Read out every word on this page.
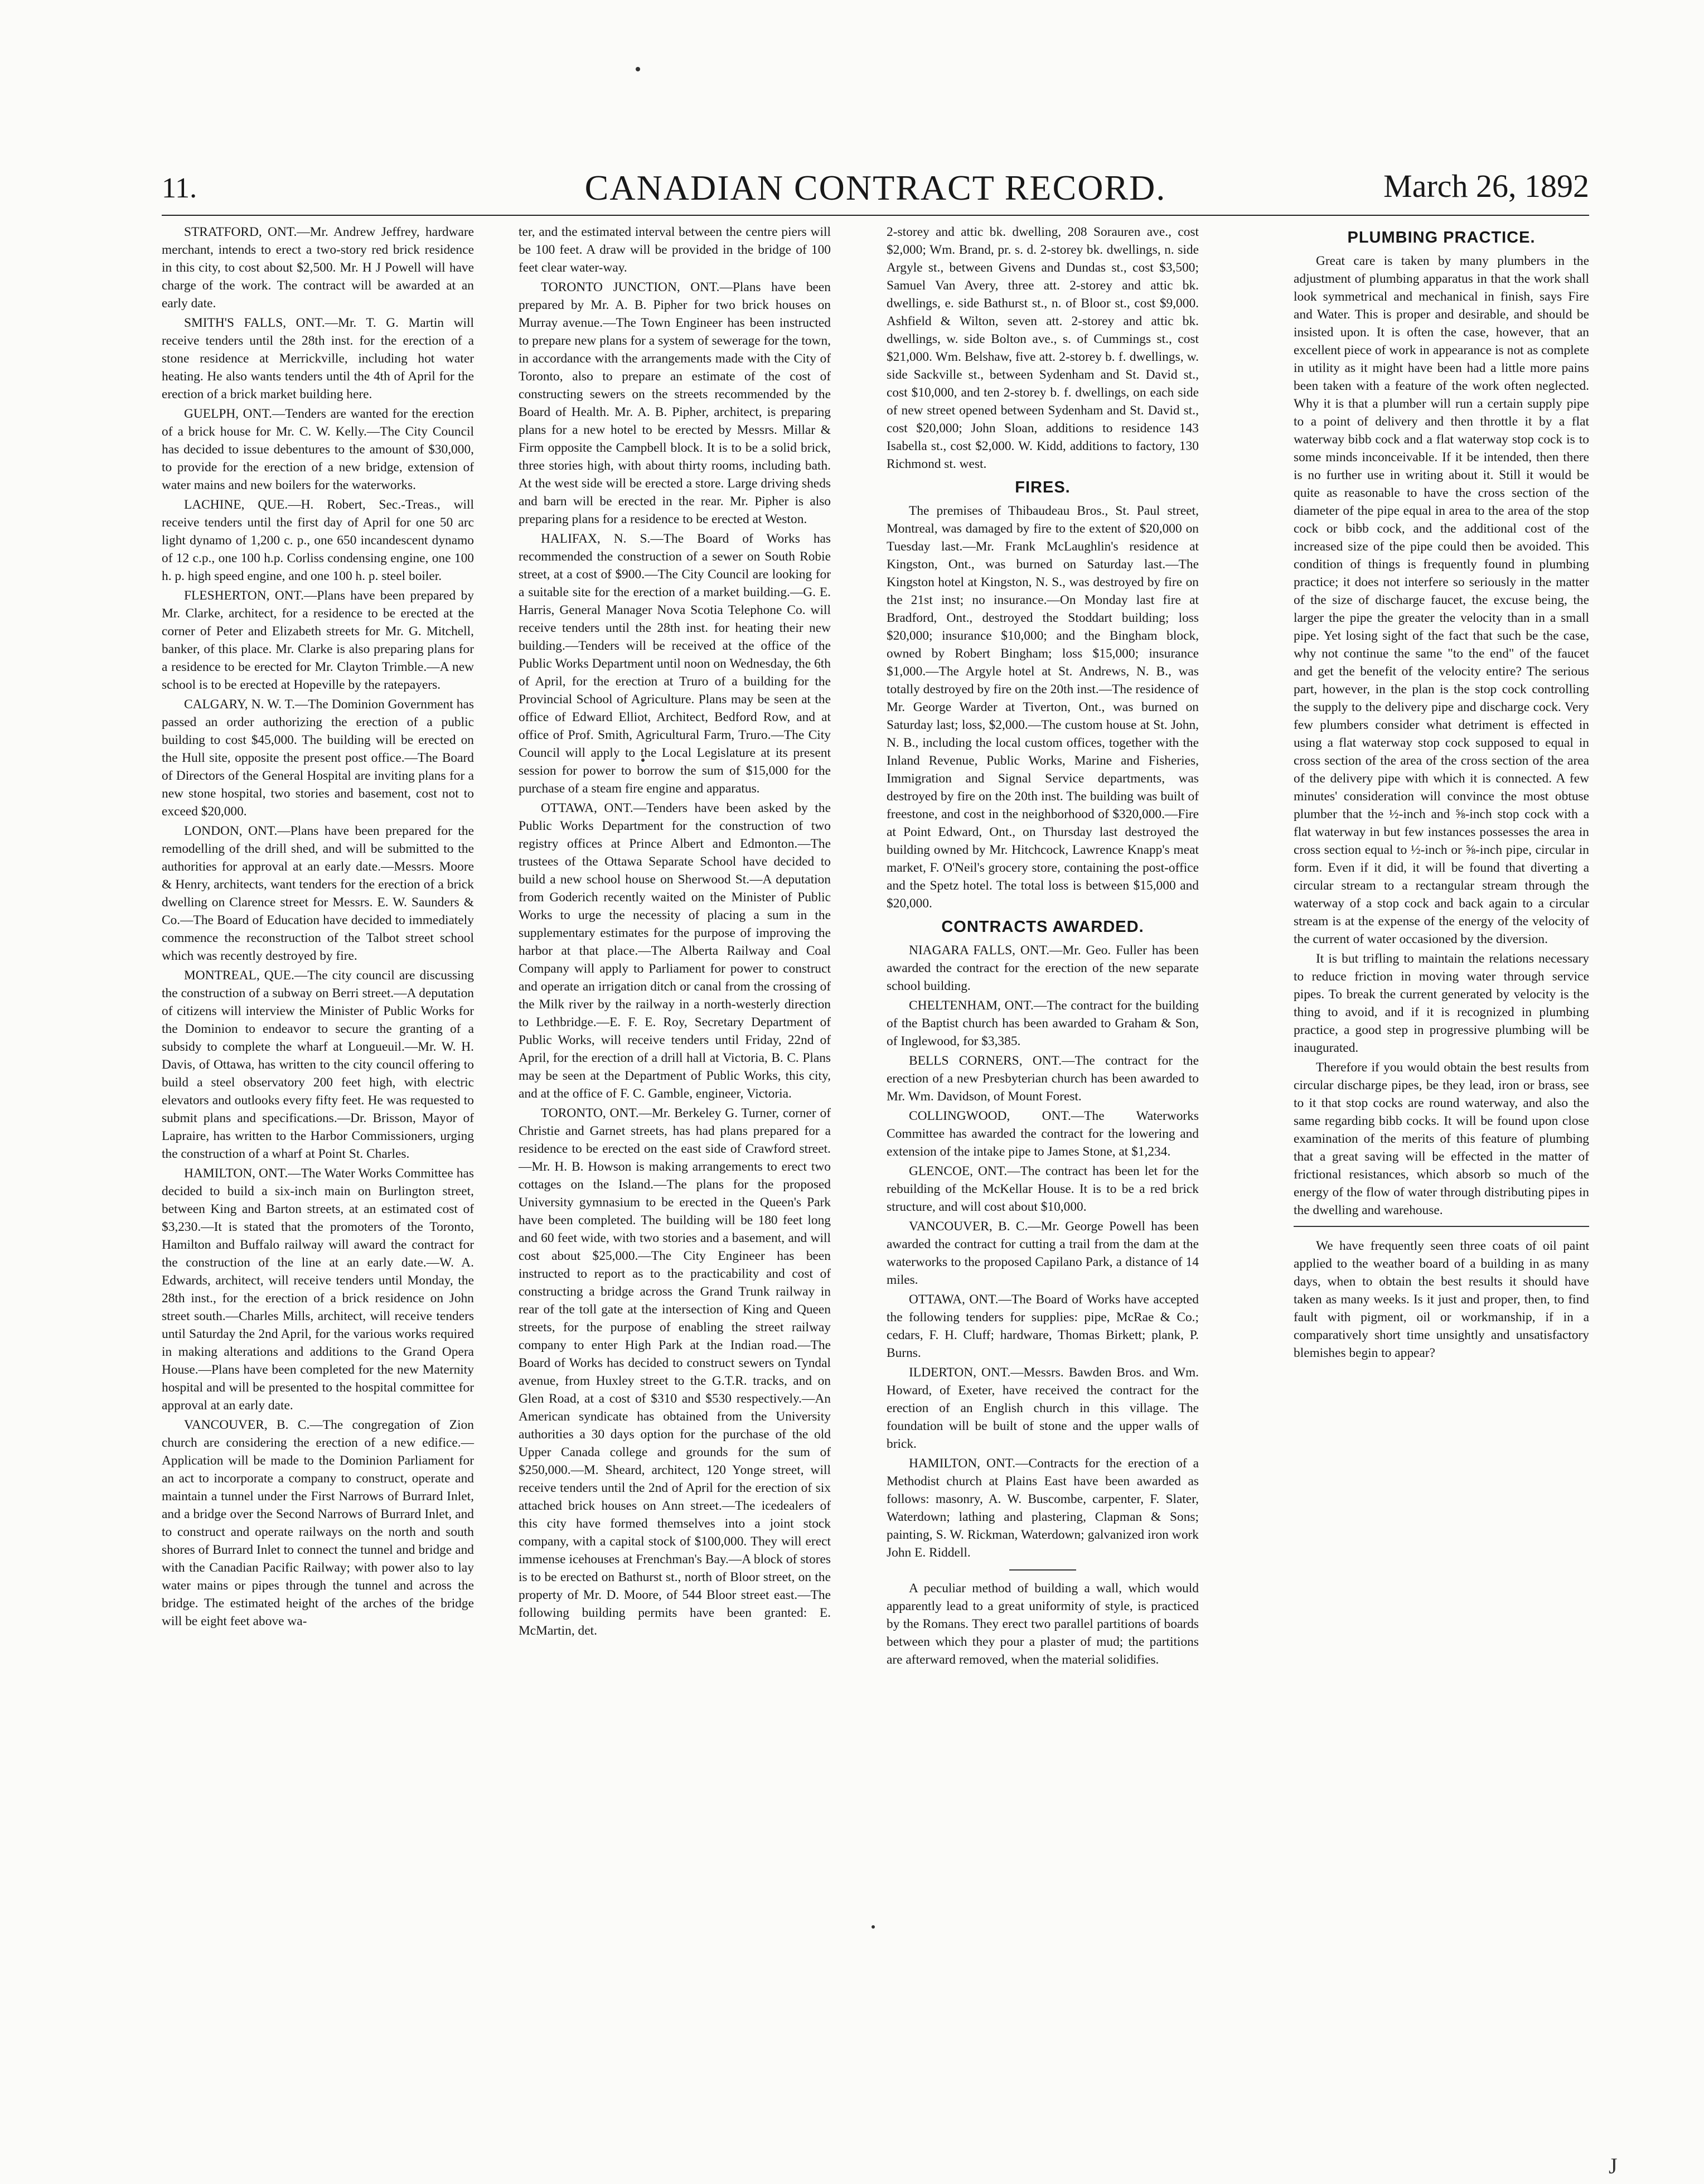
11.	CANADIAN CONTRACT RECORD.	March 26, 1892

STRATFORD, ONT.—Mr. Andrew Jeffrey, hardware merchant, intends to erect a two-story red brick residence in this city, to cost about $2,500. Mr. H J Powell will have charge of the work. The contract will be awarded at an early date.

SMITH'S FALLS, ONT.—Mr. T. G. Martin will receive tenders until the 28th inst. for the erection of a stone residence at Merrickville, including hot water heating. He also wants tenders until the 4th of April for the erection of a brick market building here.

GUELPH, ONT.—Tenders are wanted for the erection of a brick house for Mr. C. W. Kelly.—The City Council has decided to issue debentures to the amount of $30,000, to provide for the erection of a new bridge, extension of water mains and new boilers for the waterworks.

LACHINE, QUE.—H. Robert, Sec.-Treas., will receive tenders until the first day of April for one 50 arc light dynamo of 1,200 c. p., one 650 incandescent dynamo of 12 c.p., one 100 h.p. Corliss condensing engine, one 100 h. p. high speed engine, and one 100 h. p. steel boiler.

FLESHERTON, ONT.—Plans have been prepared by Mr. Clarke, architect, for a residence to be erected at the corner of Peter and Elizabeth streets for Mr. G. Mitchell, banker, of this place. Mr. Clarke is also preparing plans for a residence to be erected for Mr. Clayton Trimble.—A new school is to be erected at Hopeville by the ratepayers.

CALGARY, N. W. T.—The Dominion Government has passed an order authorizing the erection of a public building to cost $45,000. The building will be erected on the Hull site, opposite the present post office.—The Board of Directors of the General Hospital are inviting plans for a new stone hospital, two stories and basement, cost not to exceed $20,000.

LONDON, ONT.—Plans have been prepared for the remodelling of the drill shed, and will be submitted to the authorities for approval at an early date.—Messrs. Moore & Henry, architects, want tenders for the erection of a brick dwelling on Clarence street for Messrs. E. W. Saunders & Co.—The Board of Education have decided to immediately commence the reconstruction of the Talbot street school which was recently destroyed by fire.

MONTREAL, QUE.—The city council are discussing the construction of a subway on Berri street.—A deputation of citizens will interview the Minister of Public Works for the Dominion to endeavor to secure the granting of a subsidy to complete the wharf at Longueuil.—Mr. W. H. Davis, of Ottawa, has written to the city council offering to build a steel observatory 200 feet high, with electric elevators and outlooks every fifty feet. He was requested to submit plans and specifications.—Dr. Brisson, Mayor of Lapraire, has written to the Harbor Commissioners, urging the construction of a wharf at Point St. Charles.

HAMILTON, ONT.—The Water Works Committee has decided to build a six-inch main on Burlington street, between King and Barton streets, at an estimated cost of $3,230.—It is stated that the promoters of the Toronto, Hamilton and Buffalo railway will award the contract for the construction of the line at an early date.—W. A. Edwards, architect, will receive tenders until Monday, the 28th inst., for the erection of a brick residence on John street south.—Charles Mills, architect, will receive tenders until Saturday the 2nd April, for the various works required in making alterations and additions to the Grand Opera House.—Plans have been completed for the new Maternity hospital and will be presented to the hospital committee for approval at an early date.

VANCOUVER, B. C.—The congregation of Zion church are considering the erection of a new edifice.—Application will be made to the Dominion Parliament for an act to incorporate a company to construct, operate and maintain a tunnel under the First Narrows of Burrard Inlet, and a bridge over the Second Narrows of Burrard Inlet, and to construct and operate railways on the north and south shores of Burrard Inlet to connect the tunnel and bridge and with the Canadian Pacific Railway; with power also to lay water mains or pipes through the tunnel and across the bridge. The estimated height of the arches of the bridge will be eight feet above wa-

ter, and the estimated interval between the centre piers will be 100 feet. A draw will be provided in the bridge of 100 feet clear water-way.

TORONTO JUNCTION, ONT.—Plans have been prepared by Mr. A. B. Pipher for two brick houses on Murray avenue.—The Town Engineer has been instructed to prepare new plans for a system of sewerage for the town, in accordance with the arrangements made with the City of Toronto, also to prepare an estimate of the cost of constructing sewers on the streets recommended by the Board of Health. Mr. A. B. Pipher, architect, is preparing plans for a new hotel to be erected by Messrs. Millar & Firm opposite the Campbell block. It is to be a solid brick, three stories high, with about thirty rooms, including bath. At the west side will be erected a store. Large driving sheds and barn will be erected in the rear. Mr. Pipher is also preparing plans for a residence to be erected at Weston.

HALIFAX, N. S.—The Board of Works has recommended the construction of a sewer on South Robie street, at a cost of $900.—The City Council are looking for a suitable site for the erection of a market building.—G. E. Harris, General Manager Nova Scotia Telephone Co. will receive tenders until the 28th inst. for heating their new building.—Tenders will be received at the office of the Public Works Department until noon on Wednesday, the 6th of April, for the erection at Truro of a building for the Provincial School of Agriculture. Plans may be seen at the office of Edward Elliot, Architect, Bedford Row, and at office of Prof. Smith, Agricultural Farm, Truro.—The City Council will apply to the Local Legislature at its present session for power to borrow the sum of $15,000 for the purchase of a steam fire engine and apparatus.

OTTAWA, ONT.—Tenders have been asked by the Public Works Department for the construction of two registry offices at Prince Albert and Edmonton.—The trustees of the Ottawa Separate School have decided to build a new school house on Sherwood St.—A deputation from Goderich recently waited on the Minister of Public Works to urge the necessity of placing a sum in the supplementary estimates for the purpose of improving the harbor at that place.—The Alberta Railway and Coal Company will apply to Parliament for power to construct and operate an irrigation ditch or canal from the crossing of the Milk river by the railway in a north-westerly direction to Lethbridge.—E. F. E. Roy, Secretary Department of Public Works, will receive tenders until Friday, 22nd of April, for the erection of a drill hall at Victoria, B. C. Plans may be seen at the Department of Public Works, this city, and at the office of F. C. Gamble, engineer, Victoria.

TORONTO, ONT.—Mr. Berkeley G. Turner, corner of Christie and Garnet streets, has had plans prepared for a residence to be erected on the east side of Crawford street.—Mr. H. B. Howson is making arrangements to erect two cottages on the Island.—The plans for the proposed University gymnasium to be erected in the Queen's Park have been completed. The building will be 180 feet long and 60 feet wide, with two stories and a basement, and will cost about $25,000.—The City Engineer has been instructed to report as to the practicability and cost of constructing a bridge across the Grand Trunk railway in rear of the toll gate at the intersection of King and Queen streets, for the purpose of enabling the street railway company to enter High Park at the Indian road.—The Board of Works has decided to construct sewers on Tyndal avenue, from Huxley street to the G.T.R. tracks, and on Glen Road, at a cost of $310 and $530 respectively.—An American syndicate has obtained from the University authorities a 30 days option for the purchase of the old Upper Canada college and grounds for the sum of $250,000.—M. Sheard, architect, 120 Yonge street, will receive tenders until the 2nd of April for the erection of six attached brick houses on Ann street.—The icedealers of this city have formed themselves into a joint stock company, with a capital stock of $100,000. They will erect immense icehouses at Frenchman's Bay.—A block of stores is to be erected on Bathurst st., north of Bloor street, on the property of Mr. D. Moore, of 544 Bloor street east.—The following building permits have been granted: E. McMartin, det.

2-storey and attic bk. dwelling, 208 Sorauren ave., cost $2,000; Wm. Brand, pr. s. d. 2-storey bk. dwellings, n. side Argyle st., between Givens and Dundas st., cost $3,500; Samuel Van Avery, three att. 2-storey and attic bk. dwellings, e. side Bathurst st., n. of Bloor st., cost $9,000. Ashfield & Wilton, seven att. 2-storey and attic bk. dwellings, w. side Bolton ave., s. of Cummings st., cost $21,000. Wm. Belshaw, five att. 2-storey b. f. dwellings, w. side Sackville st., between Sydenham and St. David st., cost $10,000, and ten 2-storey b. f. dwellings, on each side of new street opened between Sydenham and St. David st., cost $20,000; John Sloan, additions to residence 143 Isabella st., cost $2,000. W. Kidd, additions to factory, 130 Richmond st. west.

FIRES.

The premises of Thibaudeau Bros., St. Paul street, Montreal, was damaged by fire to the extent of $20,000 on Tuesday last.—Mr. Frank McLaughlin's residence at Kingston, Ont., was burned on Saturday last.—The Kingston hotel at Kingston, N. S., was destroyed by fire on the 21st inst; no insurance.—On Monday last fire at Bradford, Ont., destroyed the Stoddart building; loss $20,000; insurance $10,000; and the Bingham block, owned by Robert Bingham; loss $15,000; insurance $1,000.—The Argyle hotel at St. Andrews, N. B., was totally destroyed by fire on the 20th inst.—The residence of Mr. George Warder at Tiverton, Ont., was burned on Saturday last; loss, $2,000.—The custom house at St. John, N. B., including the local custom offices, together with the Inland Revenue, Public Works, Marine and Fisheries, Immigration and Signal Service departments, was destroyed by fire on the 20th inst. The building was built of freestone, and cost in the neighborhood of $320,000.—Fire at Point Edward, Ont., on Thursday last destroyed the building owned by Mr. Hitchcock, Lawrence Knapp's meat market, F. O'Neil's grocery store, containing the post-office and the Spetz hotel. The total loss is between $15,000 and $20,000.

CONTRACTS AWARDED.

NIAGARA FALLS, ONT.—Mr. Geo. Fuller has been awarded the contract for the erection of the new separate school building.

CHELTENHAM, ONT.—The contract for the building of the Baptist church has been awarded to Graham & Son, of Inglewood, for $3,385.

BELLS CORNERS, ONT.—The contract for the erection of a new Presbyterian church has been awarded to Mr. Wm. Davidson, of Mount Forest.

COLLINGWOOD, ONT.—The Waterworks Committee has awarded the contract for the lowering and extension of the intake pipe to James Stone, at $1,234.

GLENCOE, ONT.—The contract has been let for the rebuilding of the McKellar House. It is to be a red brick structure, and will cost about $10,000.

VANCOUVER, B. C.—Mr. George Powell has been awarded the contract for cutting a trail from the dam at the waterworks to the proposed Capilano Park, a distance of 14 miles.

OTTAWA, ONT.—The Board of Works have accepted the following tenders for supplies: pipe, McRae & Co.; cedars, F. H. Cluff; hardware, Thomas Birkett; plank, P. Burns.

ILDERTON, ONT.—Messrs. Bawden Bros. and Wm. Howard, of Exeter, have received the contract for the erection of an English church in this village. The foundation will be built of stone and the upper walls of brick.

HAMILTON, ONT.—Contracts for the erection of a Methodist church at Plains East have been awarded as follows: masonry, A. W. Buscombe, carpenter, F. Slater, Waterdown; lathing and plastering, Clapman & Sons; painting, S. W. Rickman, Waterdown; galvanized iron work John E. Riddell.

A peculiar method of building a wall, which would apparently lead to a great uniformity of style, is practiced by the Romans. They erect two parallel partitions of boards between which they pour a plaster of mud; the partitions are afterward removed, when the material solidifies.

PLUMBING PRACTICE.

Great care is taken by many plumbers in the adjustment of plumbing apparatus in that the work shall look symmetrical and mechanical in finish, says Fire and Water. This is proper and desirable, and should be insisted upon. It is often the case, however, that an excellent piece of work in appearance is not as complete in utility as it might have been had a little more pains been taken with a feature of the work often neglected. Why it is that a plumber will run a certain supply pipe to a point of delivery and then throttle it by a flat waterway bibb cock and a flat waterway stop cock is to some minds inconceivable. If it be intended, then there is no further use in writing about it. Still it would be quite as reasonable to have the cross section of the diameter of the pipe equal in area to the area of the stop cock or bibb cock, and the additional cost of the increased size of the pipe could then be avoided. This condition of things is frequently found in plumbing practice; it does not interfere so seriously in the matter of the size of discharge faucet, the excuse being, the larger the pipe the greater the velocity than in a small pipe. Yet losing sight of the fact that such be the case, why not continue the same "to the end" of the faucet and get the benefit of the velocity entire? The serious part, however, in the plan is the stop cock controlling the supply to the delivery pipe and discharge cock. Very few plumbers consider what detriment is effected in using a flat waterway stop cock supposed to equal in cross section of the area of the cross section of the area of the delivery pipe with which it is connected. A few minutes' consideration will convince the most obtuse plumber that the ½-inch and ⅝-inch stop cock with a flat waterway in but few instances possesses the area in cross section equal to ½-inch or ⅝-inch pipe, circular in form. Even if it did, it will be found that diverting a circular stream to a rectangular stream through the waterway of a stop cock and back again to a circular stream is at the expense of the energy of the velocity of the current of water occasioned by the diversion.

It is but trifling to maintain the relations necessary to reduce friction in moving water through service pipes. To break the current generated by velocity is the thing to avoid, and if it is recognized in plumbing practice, a good step in progressive plumbing will be inaugurated.

Therefore if you would obtain the best results from circular discharge pipes, be they lead, iron or brass, see to it that stop cocks are round waterway, and also the same regarding bibb cocks. It will be found upon close examination of the merits of this feature of plumbing that a great saving will be effected in the matter of frictional resistances, which absorb so much of the energy of the flow of water through distributing pipes in the dwelling and warehouse.

We have frequently seen three coats of oil paint applied to the weather board of a building in as many days, when to obtain the best results it should have taken as many weeks. Is it just and proper, then, to find fault with pigment, oil or workmanship, if in a comparatively short time unsightly and unsatisfactory blemishes begin to appear?

J
